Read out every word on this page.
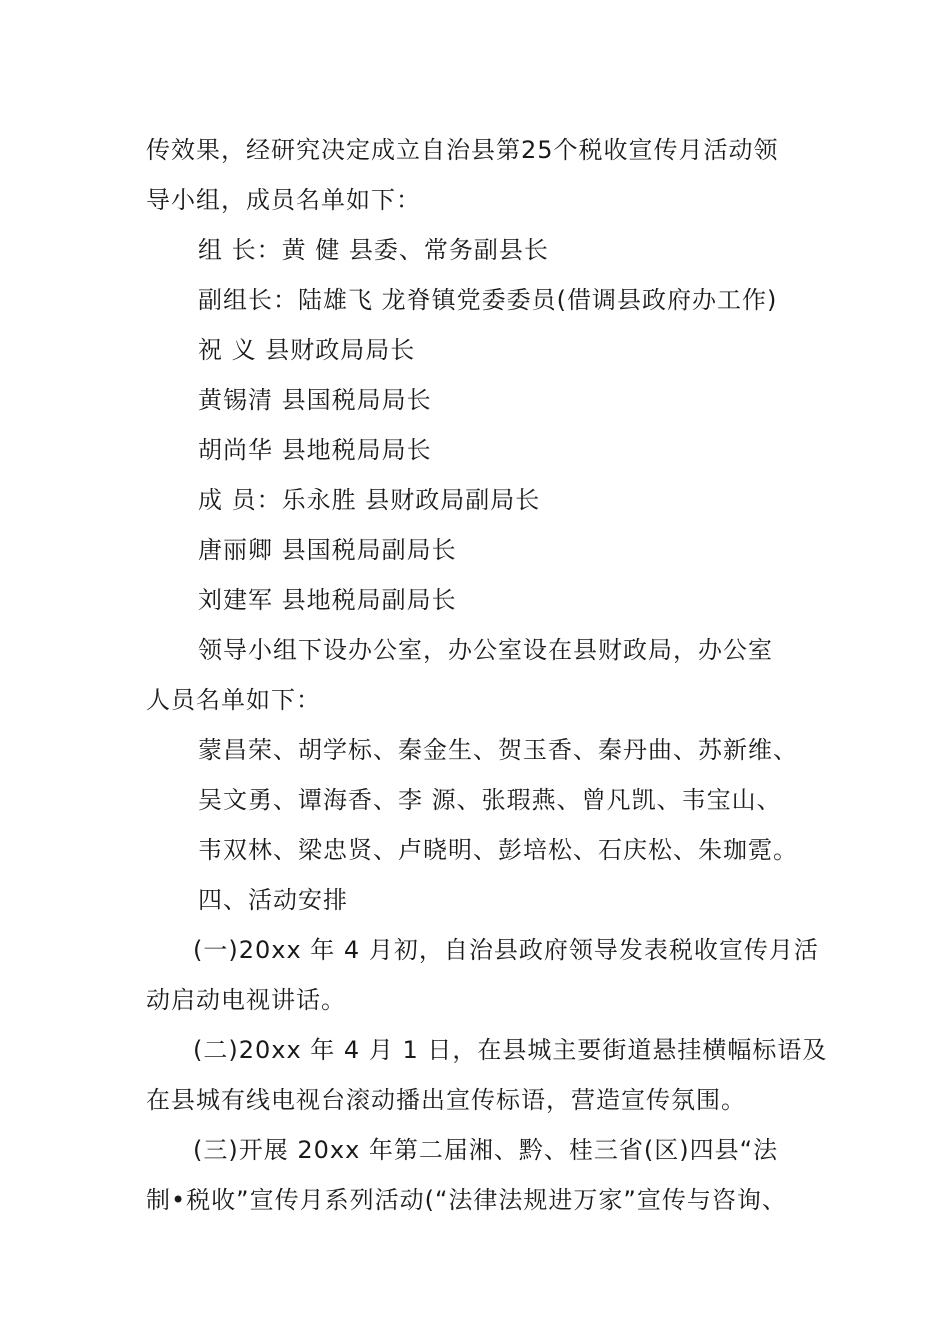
传效果，经研究决定成立自治县第25个税收宣传月活动领
导小组，成员名单如下：
组 长：黄 健 县委、常务副县长
副组长：陆雄飞 龙脊镇党委委员(借调县政府办工作)
祝 义 县财政局局长
黄锡清 县国税局局长
胡尚华 县地税局局长
成 员：乐永胜 县财政局副局长
唐丽卿 县国税局副局长
刘建军 县地税局副局长
领导小组下设办公室，办公室设在县财政局，办公室
人员名单如下：
蒙昌荣、胡学标、秦金生、贺玉香、秦丹曲、苏新维、
吴文勇、谭海香、李 源、张瑕燕、曾凡凯、韦宝山、
韦双林、梁忠贤、卢晓明、彭培松、石庆松、朱珈霓。
四、活动安排
(一)20xx 年 4 月初，自治县政府领导发表税收宣传月活
动启动电视讲话。
(二)20xx 年 4 月 1 日，在县城主要街道悬挂横幅标语及
在县城有线电视台滚动播出宣传标语，营造宣传氛围。
(三)开展 20xx 年第二届湘、黔、桂三省(区)四县“法
制•税收”宣传月系列活动(“法律法规进万家”宣传与咨询、
